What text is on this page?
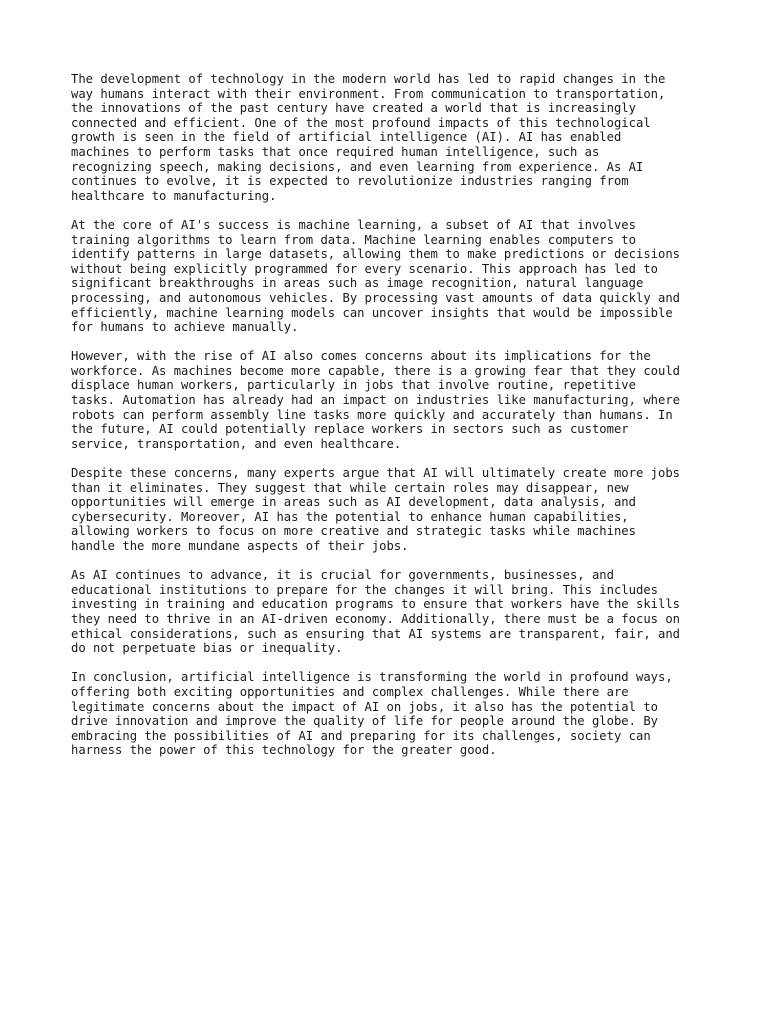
The development of technology in the modern world has led to rapid changes in the
way humans interact with their environment. From communication to transportation,
the innovations of the past century have created a world that is increasingly
connected and efficient. One of the most profound impacts of this technological
growth is seen in the field of artificial intelligence (AI). AI has enabled
machines to perform tasks that once required human intelligence, such as
recognizing speech, making decisions, and even learning from experience. As AI
continues to evolve, it is expected to revolutionize industries ranging from
healthcare to manufacturing.

At the core of AI's success is machine learning, a subset of AI that involves
training algorithms to learn from data. Machine learning enables computers to
identify patterns in large datasets, allowing them to make predictions or decisions
without being explicitly programmed for every scenario. This approach has led to
significant breakthroughs in areas such as image recognition, natural language
processing, and autonomous vehicles. By processing vast amounts of data quickly and
efficiently, machine learning models can uncover insights that would be impossible
for humans to achieve manually.

However, with the rise of AI also comes concerns about its implications for the
workforce. As machines become more capable, there is a growing fear that they could
displace human workers, particularly in jobs that involve routine, repetitive
tasks. Automation has already had an impact on industries like manufacturing, where
robots can perform assembly line tasks more quickly and accurately than humans. In
the future, AI could potentially replace workers in sectors such as customer
service, transportation, and even healthcare.

Despite these concerns, many experts argue that AI will ultimately create more jobs
than it eliminates. They suggest that while certain roles may disappear, new
opportunities will emerge in areas such as AI development, data analysis, and
cybersecurity. Moreover, AI has the potential to enhance human capabilities,
allowing workers to focus on more creative and strategic tasks while machines
handle the more mundane aspects of their jobs.

As AI continues to advance, it is crucial for governments, businesses, and
educational institutions to prepare for the changes it will bring. This includes
investing in training and education programs to ensure that workers have the skills
they need to thrive in an AI-driven economy. Additionally, there must be a focus on
ethical considerations, such as ensuring that AI systems are transparent, fair, and
do not perpetuate bias or inequality.

In conclusion, artificial intelligence is transforming the world in profound ways,
offering both exciting opportunities and complex challenges. While there are
legitimate concerns about the impact of AI on jobs, it also has the potential to
drive innovation and improve the quality of life for people around the globe. By
embracing the possibilities of AI and preparing for its challenges, society can
harness the power of this technology for the greater good.
